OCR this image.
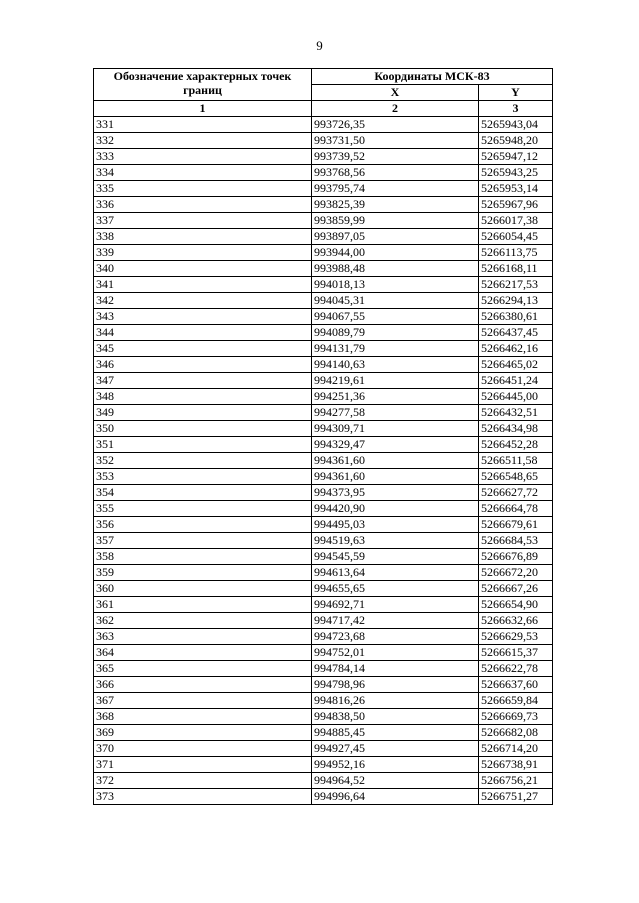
9
Обозначение характерных точек границ	Координаты МСК-83	
	X	Y
1	2	3
331	993726,35	5265943,04
332	993731,50	5265948,20
333	993739,52	5265947,12
334	993768,56	5265943,25
335	993795,74	5265953,14
336	993825,39	5265967,96
337	993859,99	5266017,38
338	993897,05	5266054,45
339	993944,00	5266113,75
340	993988,48	5266168,11
341	994018,13	5266217,53
342	994045,31	5266294,13
343	994067,55	5266380,61
344	994089,79	5266437,45
345	994131,79	5266462,16
346	994140,63	5266465,02
347	994219,61	5266451,24
348	994251,36	5266445,00
349	994277,58	5266432,51
350	994309,71	5266434,98
351	994329,47	5266452,28
352	994361,60	5266511,58
353	994361,60	5266548,65
354	994373,95	5266627,72
355	994420,90	5266664,78
356	994495,03	5266679,61
357	994519,63	5266684,53
358	994545,59	5266676,89
359	994613,64	5266672,20
360	994655,65	5266667,26
361	994692,71	5266654,90
362	994717,42	5266632,66
363	994723,68	5266629,53
364	994752,01	5266615,37
365	994784,14	5266622,78
366	994798,96	5266637,60
367	994816,26	5266659,84
368	994838,50	5266669,73
369	994885,45	5266682,08
370	994927,45	5266714,20
371	994952,16	5266738,91
372	994964,52	5266756,21
373	994996,64	5266751,27
